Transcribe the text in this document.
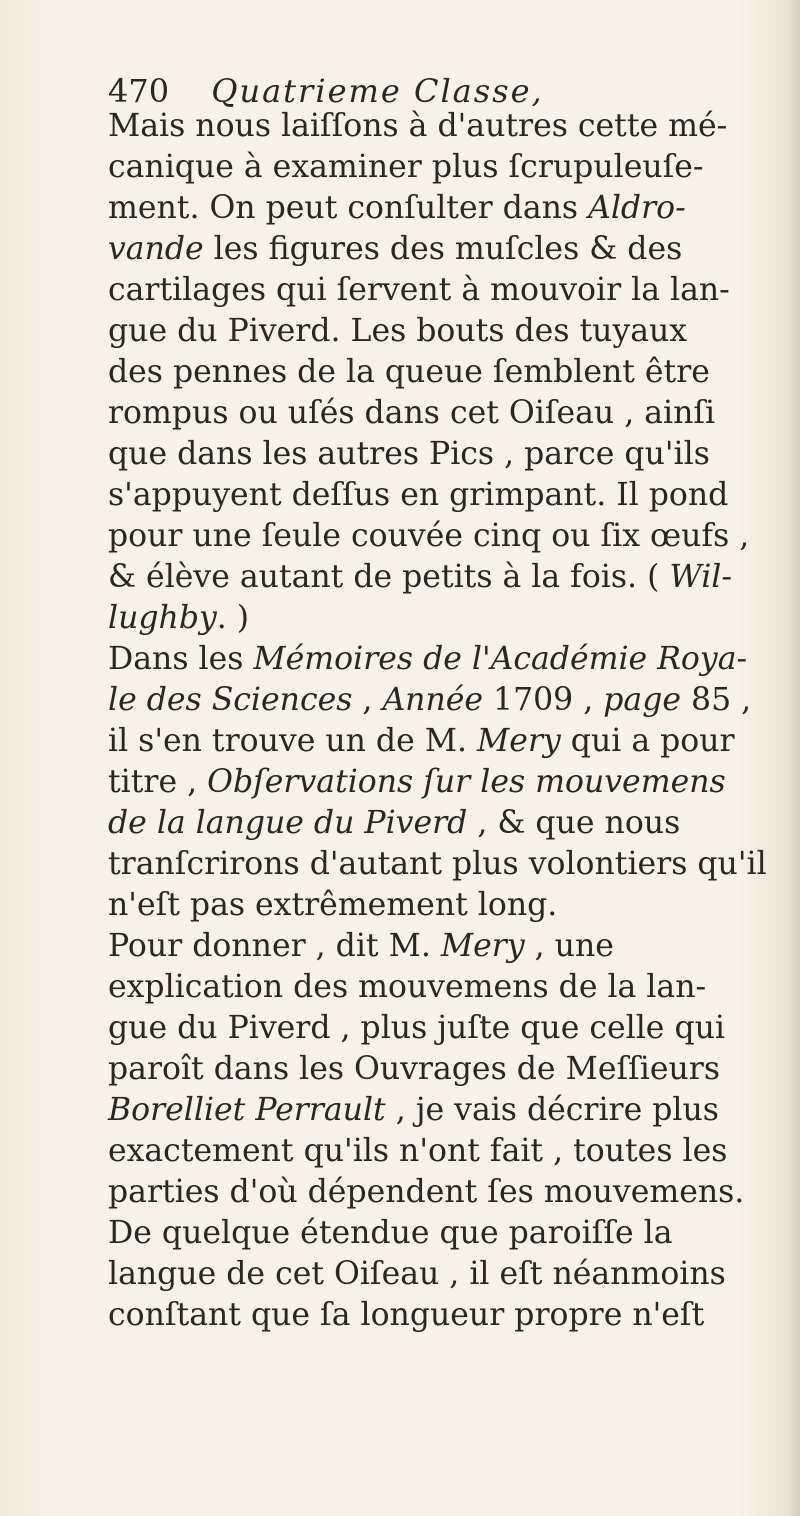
470 Quatrieme Classe,
Mais nous laiſſons à d'autres cette mé-
canique à examiner plus ſcrupuleuſe-
ment. On peut conſulter dans Aldro-
vande les figures des muſcles & des
cartilages qui ſervent à mouvoir la lan-
gue du Piverd. Les bouts des tuyaux
des pennes de la queue ſemblent être
rompus ou uſés dans cet Oiſeau , ainſi
que dans les autres Pics , parce qu'ils
s'appuyent deſſus en grimpant. Il pond
pour une ſeule couvée cinq ou ſix œufs ,
& élève autant de petits à la fois. ( Wil-
lughby. )
Dans les Mémoires de l'Académie Roya-
le des Sciences , Année 1709 , page 85 ,
il s'en trouve un de M. Mery qui a pour
titre , Obſervations ſur les mouvemens
de la langue du Piverd , & que nous
tranſcrirons d'autant plus volontiers qu'il
n'eſt pas extrêmement long.
Pour donner , dit M. Mery , une
explication des mouvemens de la lan-
gue du Piverd , plus juſte que celle qui
paroît dans les Ouvrages de Meſſieurs
Borelliet Perrault , je vais décrire plus
exactement qu'ils n'ont fait , toutes les
parties d'où dépendent ſes mouvemens.
De quelque étendue que paroiſſe la
langue de cet Oiſeau , il eſt néanmoins
conſtant que ſa longueur propre n'eſt
